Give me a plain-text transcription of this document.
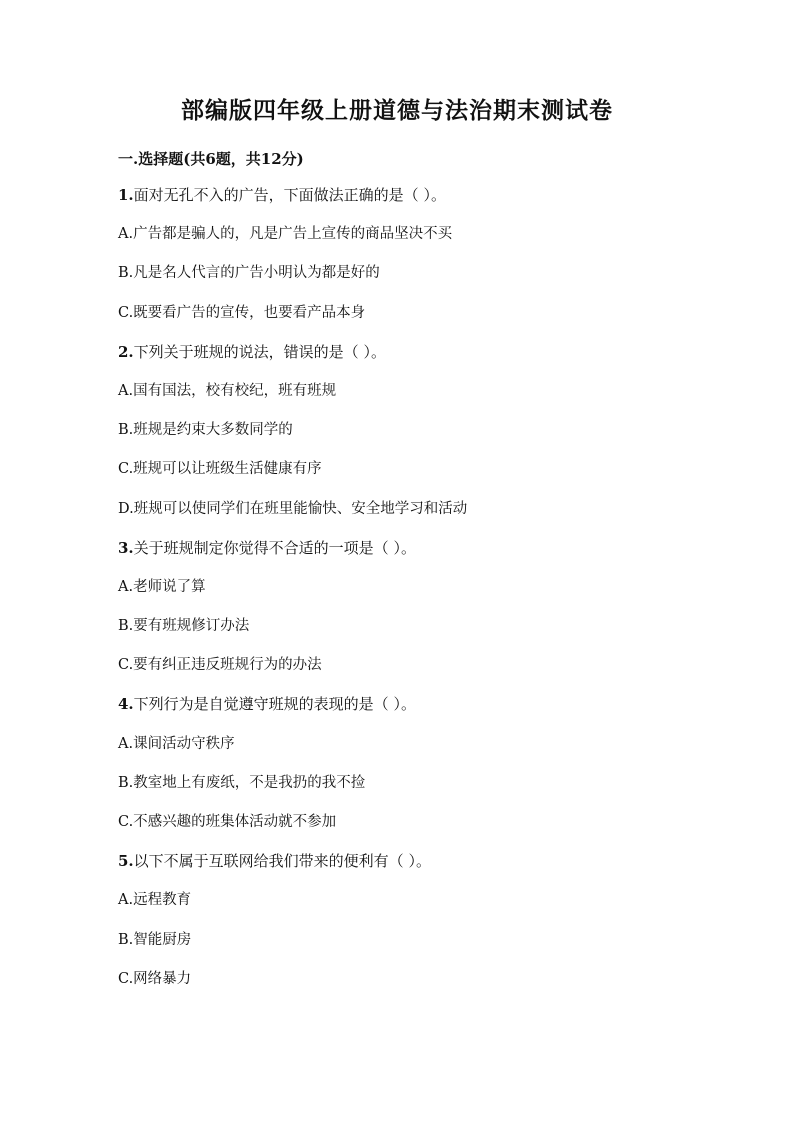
部编版四年级上册道德与法治期末测试卷
一.选择题(共6题，共12分)
1.面对无孔不入的广告，下面做法正确的是（ ）。
A.广告都是骗人的，凡是广告上宣传的商品坚决不买
B.凡是名人代言的广告小明认为都是好的
C.既要看广告的宣传，也要看产品本身
2.下列关于班规的说法，错误的是（ ）。
A.国有国法，校有校纪，班有班规
B.班规是约束大多数同学的
C.班规可以让班级生活健康有序
D.班规可以使同学们在班里能愉快、安全地学习和活动
3.关于班规制定你觉得不合适的一项是（ ）。
A.老师说了算
B.要有班规修订办法
C.要有纠正违反班规行为的办法
4.下列行为是自觉遵守班规的表现的是（ ）。
A.课间活动守秩序
B.教室地上有废纸，不是我扔的我不捡
C.不感兴趣的班集体活动就不参加
5.以下不属于互联网给我们带来的便利有（ ）。
A.远程教育
B.智能厨房
C.网络暴力
